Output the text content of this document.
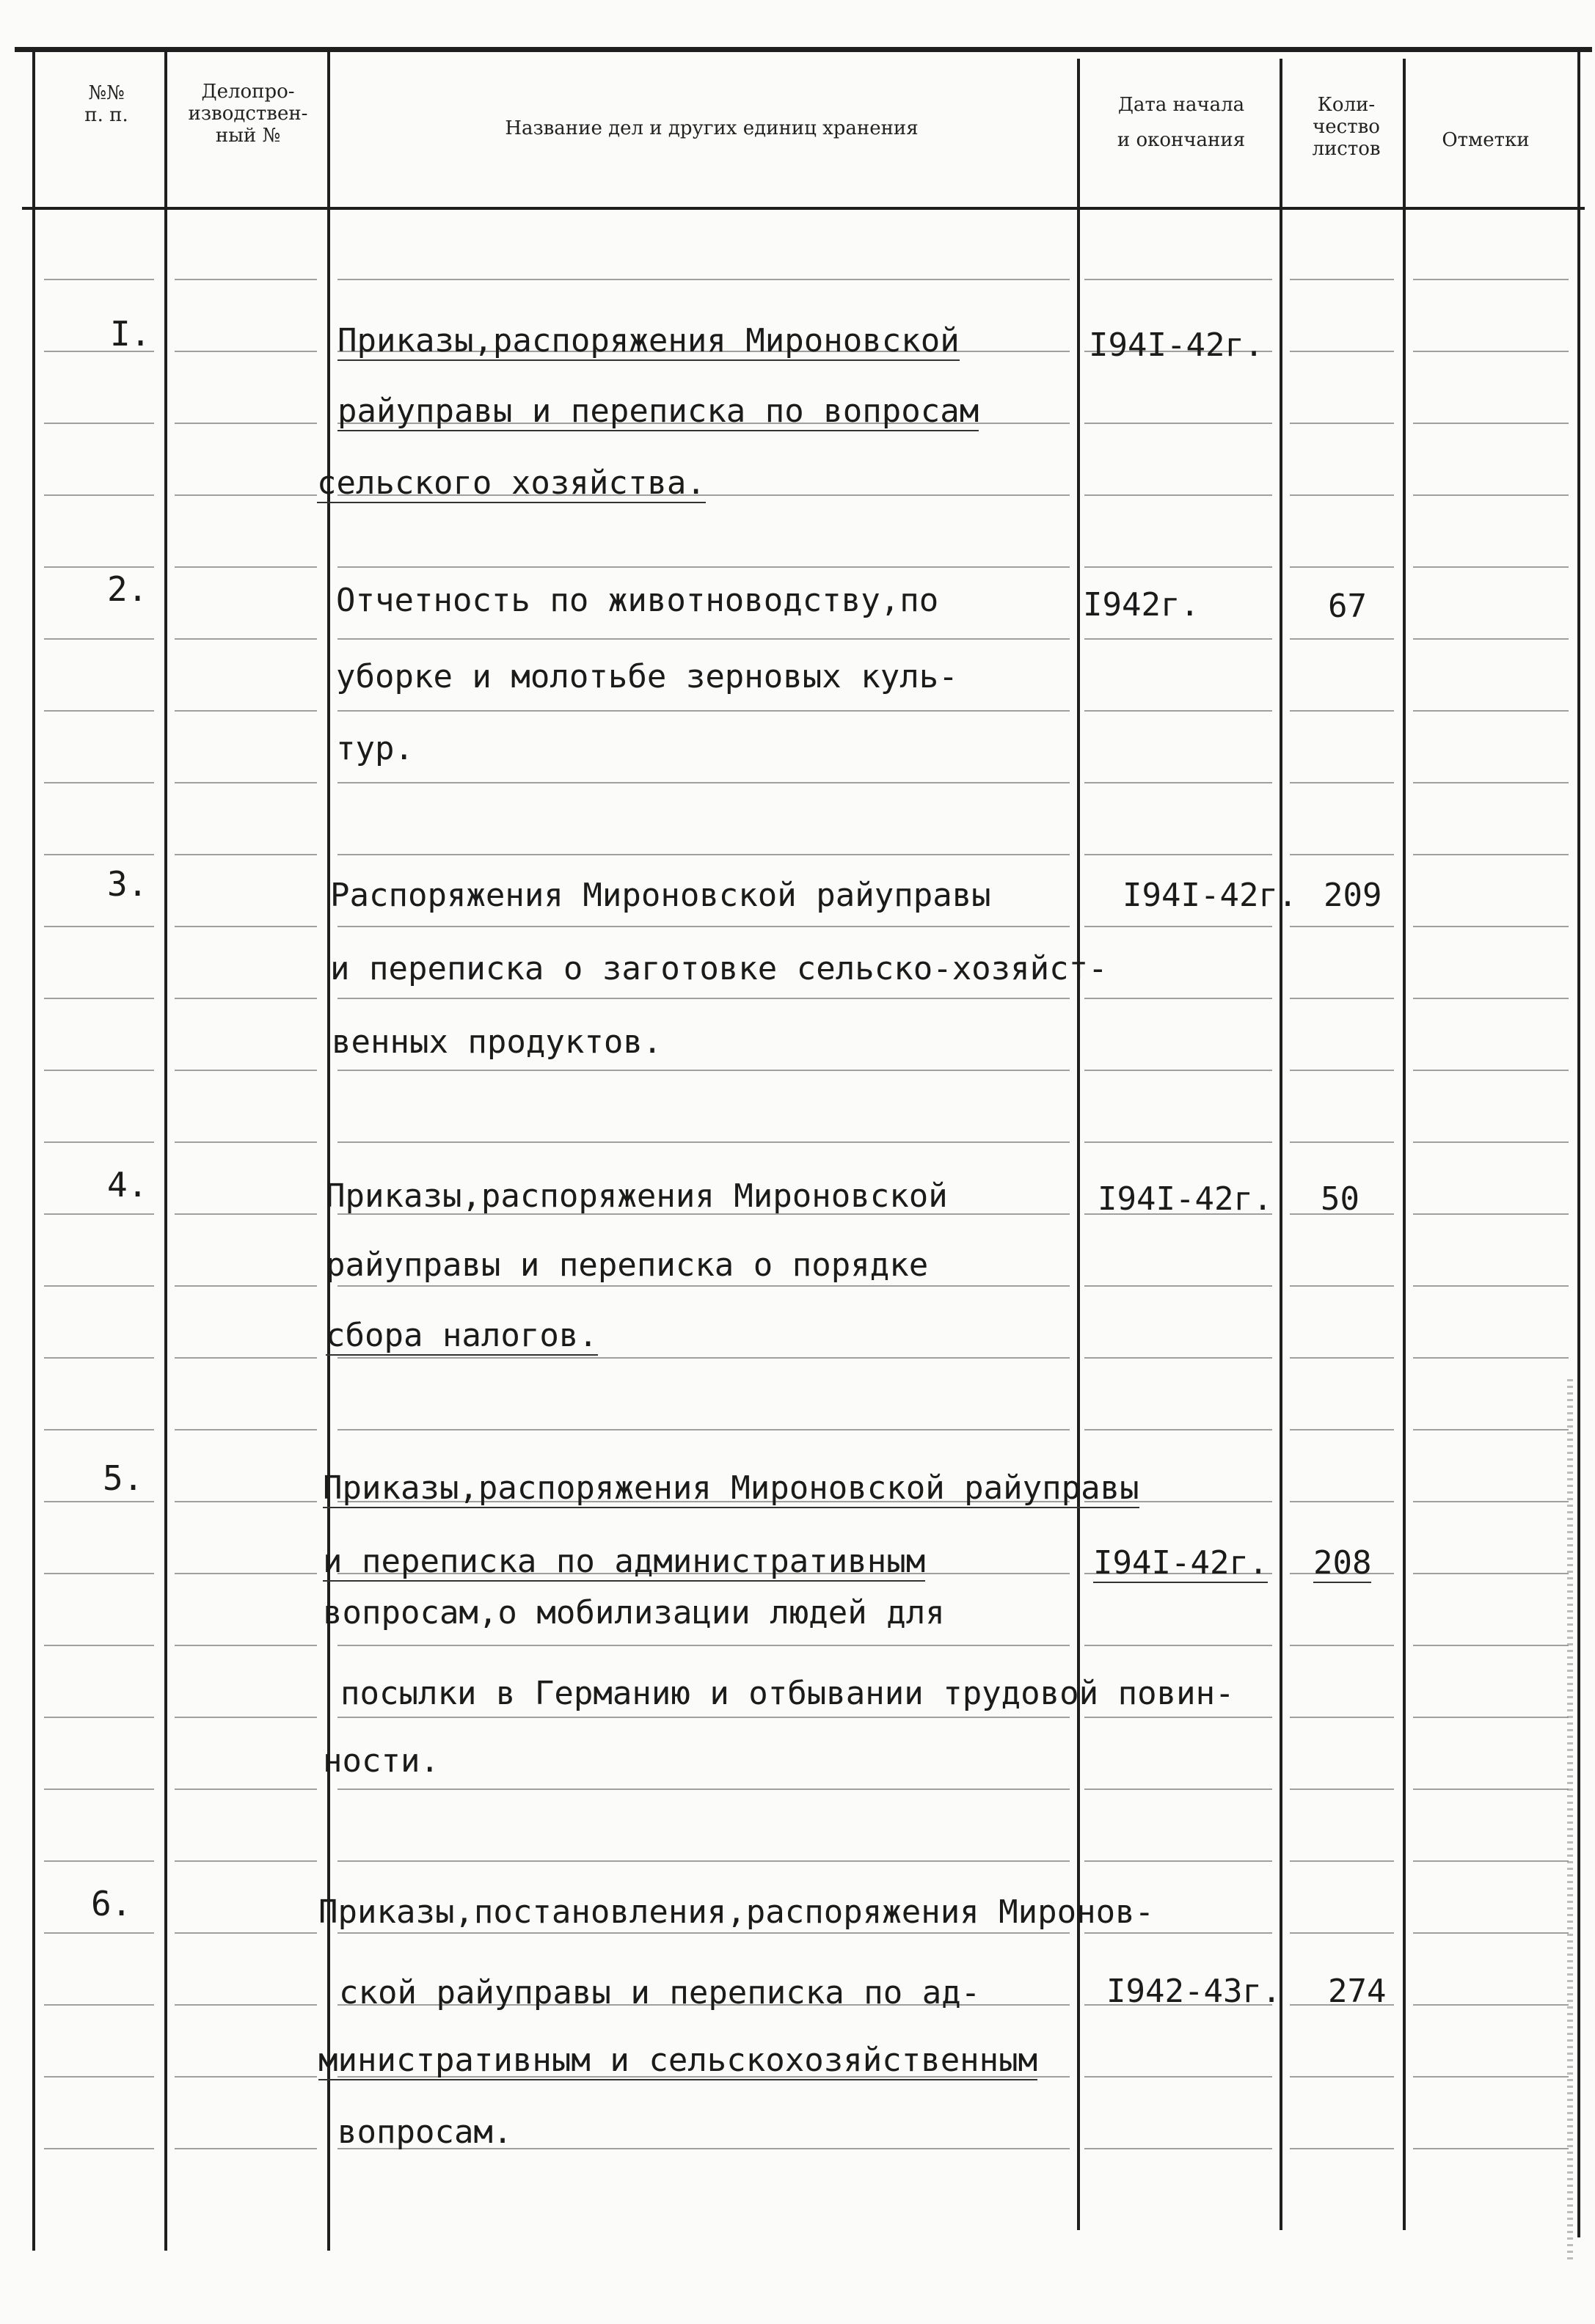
№№
п. п.
Делопро-
изводствен-
ный №	Название дел и других единиц хранения
Дата начала
и окончания
Коли-
чество
листов	Отметки
I.	Приказы,распоряжения Мироновской
райуправы и переписка по вопросам
сельского хозяйства.
I94I-42г.
2.	Отчетность по животноводству,по
уборке и молотьбе зерновых куль-
тур.
I942г.	67
3.	Распоряжения Мироновской райуправы
и переписка о заготовке сельско-хозяйст-
венных продуктов.
I94I-42г. 209
4.	Приказы,распоряжения Мироновской
райуправы и переписка о порядке
сбора налогов.
I94I-42г. 50
5.	Приказы,распоряжения Мироновской райуправы
и переписка по административным
вопросам,о мобилизации людей для
посылки в Германию и отбывании трудовой повин-
ности.
I94I-42г. 208
6.	Приказы,постановления,распоряжения Миронов-
ской райуправы и переписка по ад-
министративным и сельскохозяйственным
вопросам.
I942-43г. 274
